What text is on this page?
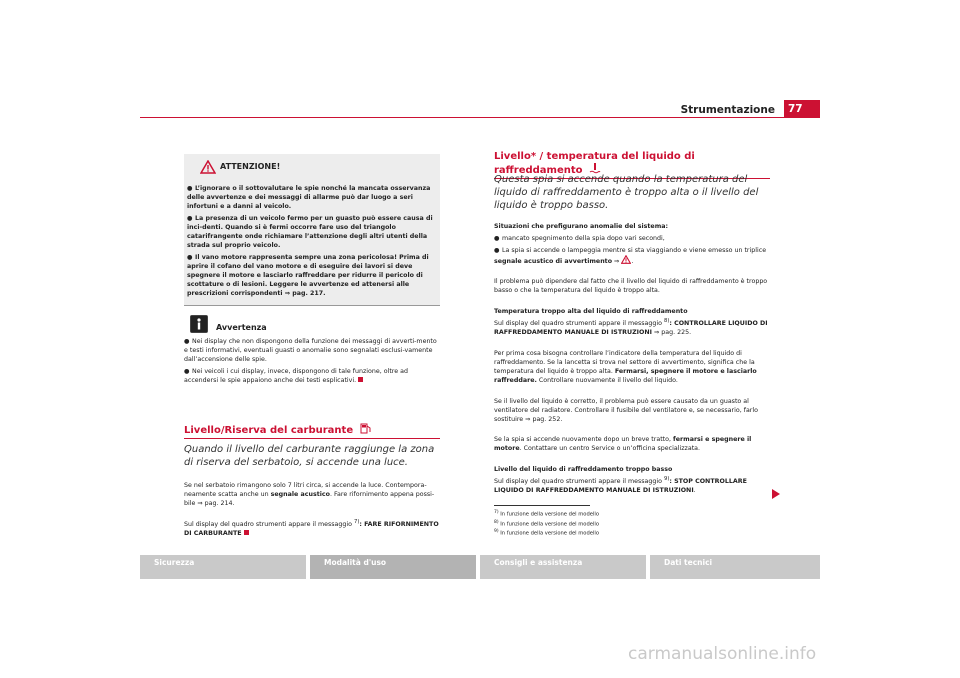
Strumentazione	77
ATTENZIONE!
● L’ignorare o il sottovalutare le spie nonché la mancata osservanza delle avvertenze e dei messaggi di allarme può dar luogo a seri infortuni e a danni al veicolo.
● La presenza di un veicolo fermo per un guasto può essere causa di inci-denti. Quando si è fermi occorre fare uso del triangolo catarifrangente onde richiamare l’attenzione degli altri utenti della strada sul proprio veicolo.
● Il vano motore rappresenta sempre una zona pericolosa! Prima di aprire il cofano del vano motore e di eseguire dei lavori si deve spegnere il motore e lasciarlo raffreddare per ridurre il pericolo di scottature o di lesioni. Leggere le avvertenze ed attenersi alle prescrizioni corrispondenti ⇒ pag. 217.
Avvertenza
● Nei display che non dispongono della funzione dei messaggi di avverti-mento e testi informativi, eventuali guasti o anomalie sono segnalati esclusi-vamente dall’accensione delle spie.
● Nei veicoli i cui display, invece, dispongono di tale funzione, oltre ad accendersi le spie appaiono anche dei testi esplicativi.
Livello/Riserva del carburante
Quando il livello del carburante raggiunge la zona di riserva del serbatoio, si accende una luce.
Se nel serbatoio rimangono solo 7 litri circa, si accende la luce. Contempora-neamente scatta anche un segnale acustico. Fare rifornimento appena possi-bile ⇒ pag. 214.
Sul display del quadro strumenti appare il messaggio $^{7)}$: FARE RIFORNIMENTO DI CARBURANTE
Livello* / temperatura del liquido di raffreddamento
Questa spia si accende quando la temperatura del liquido di raffreddamento è troppo alta o il livello del liquido è troppo basso.
Situazioni che prefigurano anomalie del sistema:
● mancato spegnimento della spia dopo vari secondi,
● La spia si accende o lampeggia mentre si sta viaggiando e viene emesso un triplice segnale acustico di avvertimento ⇒ .
Il problema può dipendere dal fatto che il livello del liquido di raffreddamento è troppo basso o che la temperatura del liquido è troppo alta.
Temperatura troppo alta del liquido di raffreddamento
Sul display del quadro strumenti appare il messaggio $^{8)}$: CONTROLLARE LIQUIDO DI RAFFREDDAMENTO MANUALE DI ISTRUZIONI ⇒ pag. 225.
Per prima cosa bisogna controllare l’indicatore della temperatura del liquido di raffreddamento. Se la lancetta si trova nel settore di avvertimento, significa che la temperatura del liquido è troppo alta. Fermarsi, spegnere il motore e lasciarlo raffreddare. Controllare nuovamente il livello del liquido.
Se il livello del liquido è corretto, il problema può essere causato da un guasto al ventilatore del radiatore. Controllare il fusibile del ventilatore e, se necessario, farlo sostituire ⇒ pag. 252.
Se la spia si accende nuovamente dopo un breve tratto, fermarsi e spegnere il motore. Contattare un centro Service o un’officina specializzata.
Livello del liquido di raffreddamento troppo basso
Sul display del quadro strumenti appare il messaggio $^{9)}$: STOP CONTROLLARE LIQUIDO DI RAFFREDDAMENTO MANUALE DI ISTRUZIONI.
$^{7)}$ In funzione della versione del modello
$^{8)}$ In funzione della versione del modello
$^{9)}$ In funzione della versione del modello
Sicurezza	Modalità d'uso	Consigli e assistenza	Dati tecnici
carmanualsonline.info
